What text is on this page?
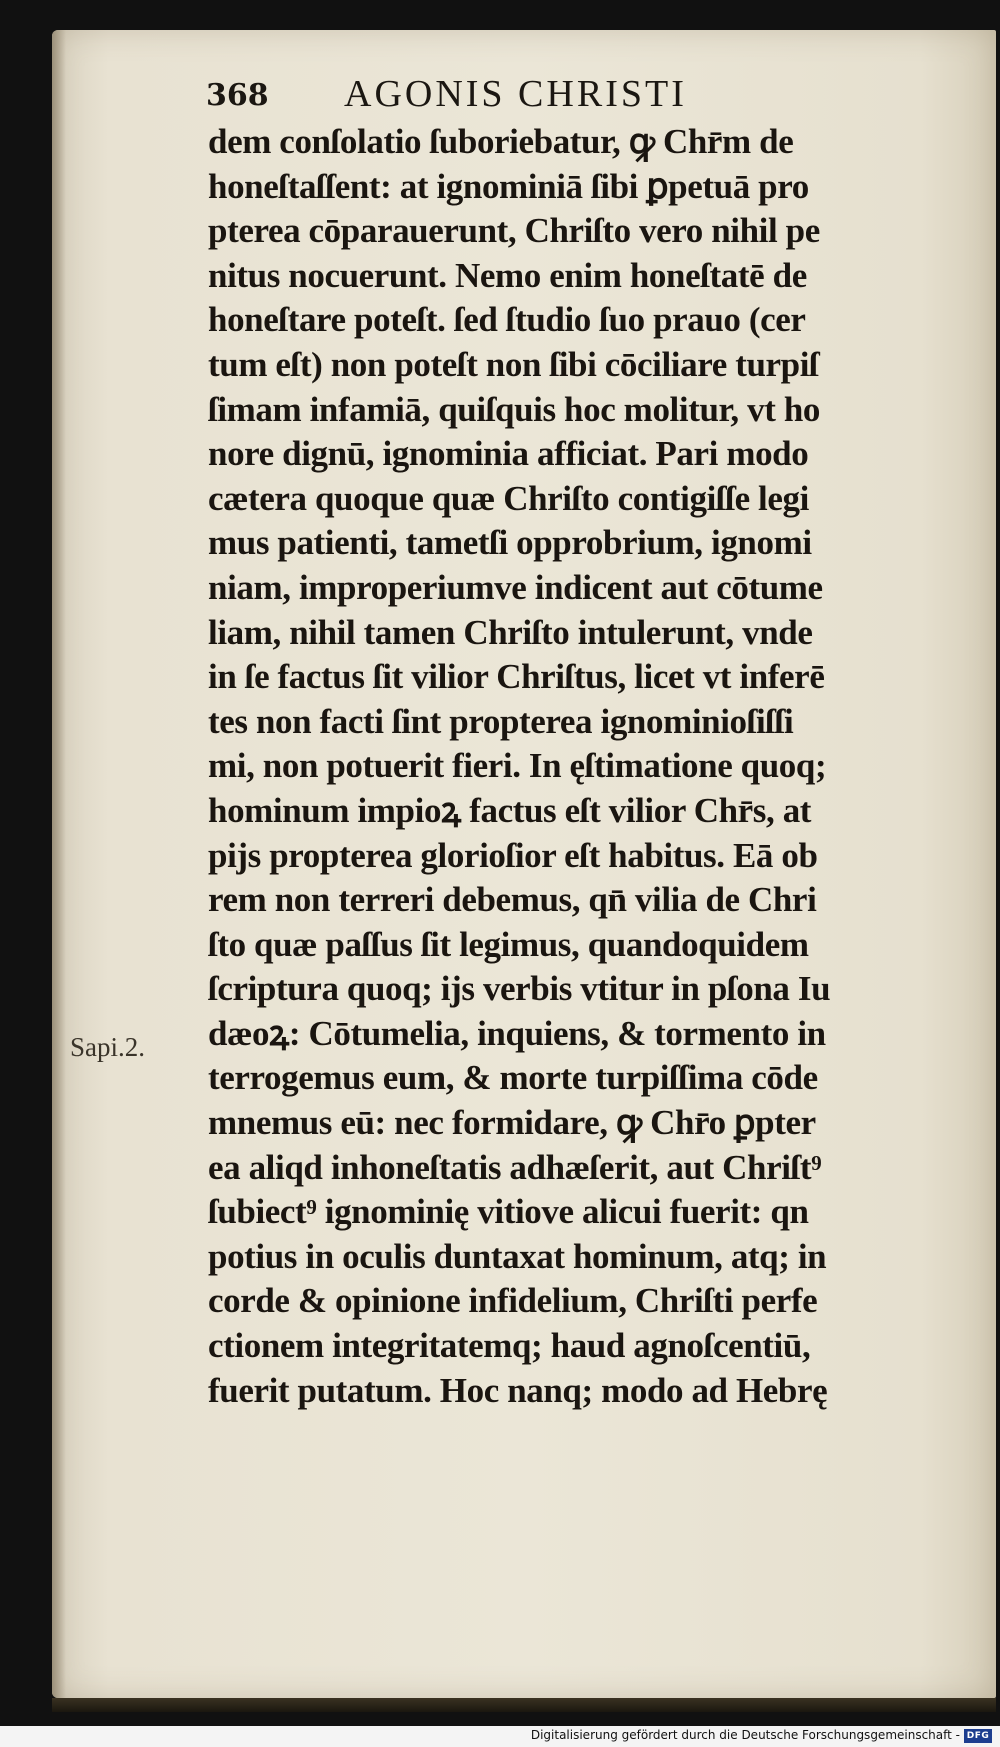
368 AGONIS CHRISTI
dem conſolatio ſuboriebatur, ꝙ Chr̄m de
honeſtaſſent: at ignominiā ſibi ꝑpetuā pro
pterea cōparauerunt, Chriſto vero nihil pe
nitus nocuerunt. Nemo enim honeſtatē de
honeſtare poteſt. ſed ſtudio ſuo prauo (cer
tum eſt) non poteſt non ſibi cōciliare turpiſ
ſimam infamiā, quiſquis hoc molitur, vt ho
nore dignū, ignominia afficiat. Pari modo
cætera quoque quæ Chriſto contigiſſe legi
mus patienti, tametſi opprobrium, ignomi
niam, improperiumve indicent aut cōtume
liam, nihil tamen Chriſto intulerunt, vnde
in ſe factus ſit vilior Chriſtus, licet vt inferē
tes non facti ſint propterea ignominioſiſſi
mi, non potuerit fieri. In ęſtimatione quoq;
hominum impioꝝ factus eſt vilior Chr̄s, at
pijs propterea glorioſior eſt habitus. Eā ob
rem non terreri debemus, qn̄ vilia de Chri
ſto quæ paſſus ſit legimus, quandoquidem
ſcriptura quoq; ijs verbis vtitur in pſona Iu
dæoꝝ: Cōtumelia, inquiens, & tormento in
terrogemus eum, & morte turpiſſima cōde
mnemus eū: nec formidare, ꝙ Chr̄o ꝑpter
ea aliqd inhoneſtatis adhæſerit, aut Chriſt⁹
ſubiect⁹ ignominię vitiove alicui fuerit: qn
potius in oculis duntaxat hominum, atq; in
corde & opinione infidelium, Chriſti perfe
ctionem integritatemq; haud agnoſcentiū,
fuerit putatum. Hoc nanq; modo ad Hebrę
Sapi.2.
Digitalisierung gefördert durch die Deutsche Forschungsgemeinschaft - DFG
